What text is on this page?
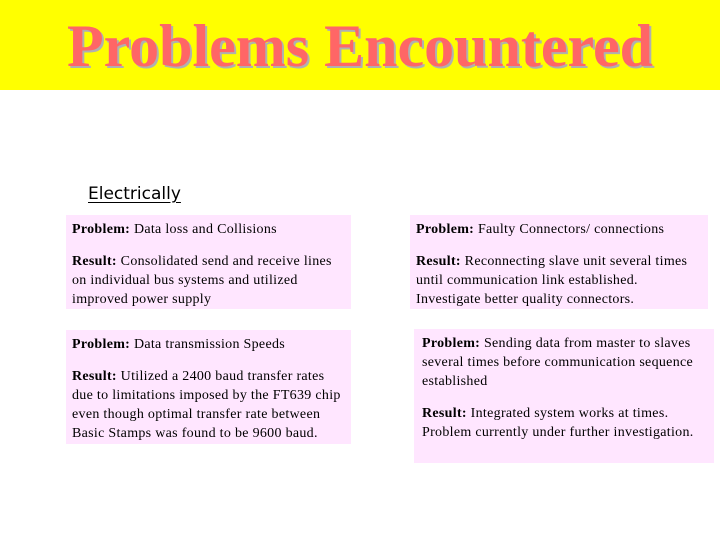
Problems Encountered
Electrically

Problem: Data loss and Collisions

Result: Consolidated send and receive lines on individual bus systems and utilized improved power supply

Problem: Faulty Connectors/ connections

Result: Reconnecting slave unit several times until communication link established. Investigate better quality connectors.

Problem: Data transmission Speeds

Result: Utilized a 2400 baud transfer rates due to limitations imposed by the FT639 chip even though optimal transfer rate between Basic Stamps was found to be 9600 baud.

Problem: Sending data from master to slaves several times before communication sequence established

Result: Integrated system works at times. Problem currently under further investigation.
